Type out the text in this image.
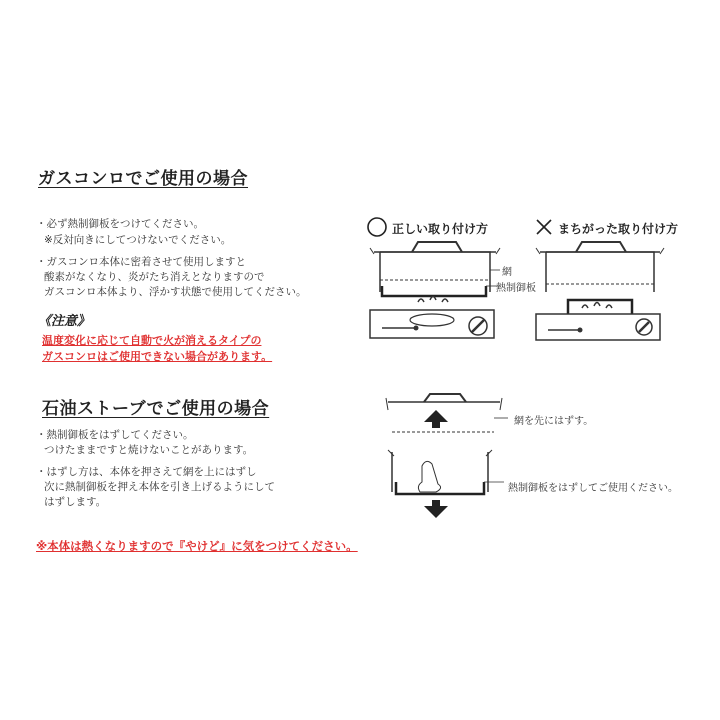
ガスコンロでご使用の場合
・必ず熱制御板をつけてください。
※反対向きにしてつけないでください。
・ガスコンロ本体に密着させて使用しますと
酸素がなくなり、炎がたち消えとなりますので
ガスコンロ本体より、浮かす状態で使用してください。
《注意》
温度変化に応じて自動で火が消えるタイプの
ガスコンロはご使用できない場合があります。
正しい取り付け方	まちがった取り付け方
網
熱制御板
石油ストーブでご使用の場合
・熱制御板をはずしてください。
つけたままですと焼けないことがあります。
・はずし方は、本体を押さえて網を上にはずし
次に熱制御板を押え本体を引き上げるようにして
はずします。
網を先にはずす。
熱制御板をはずしてご使用ください。
※本体は熱くなりますので『やけど』に気をつけてください。
